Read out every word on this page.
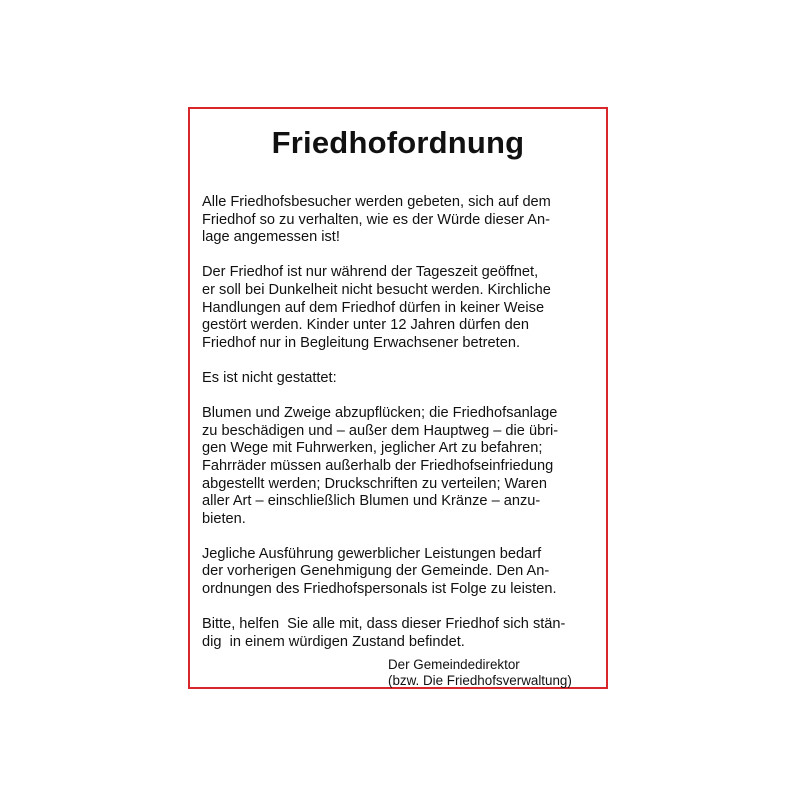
Friedhofordnung
Alle Friedhofsbesucher werden gebeten, sich auf dem
Friedhof so zu verhalten, wie es der Würde dieser An-
lage angemessen ist!
Der Friedhof ist nur während der Tageszeit geöffnet,
er soll bei Dunkelheit nicht besucht werden. Kirchliche
Handlungen auf dem Friedhof dürfen in keiner Weise
gestört werden. Kinder unter 12 Jahren dürfen den
Friedhof nur in Begleitung Erwachsener betreten.
Es ist nicht gestattet:
Blumen und Zweige abzupflücken; die Friedhofsanlage
zu beschädigen und – außer dem Hauptweg – die übri-
gen Wege mit Fuhrwerken, jeglicher Art zu befahren;
Fahrräder müssen außerhalb der Friedhofseinfriedung
abgestellt werden; Druckschriften zu verteilen; Waren
aller Art – einschließlich Blumen und Kränze – anzu-
bieten.
Jegliche Ausführung gewerblicher Leistungen bedarf
der vorherigen Genehmigung der Gemeinde. Den An-
ordnungen des Friedhofspersonals ist Folge zu leisten.
Bitte, helfen  Sie alle mit, dass dieser Friedhof sich stän-
dig  in einem würdigen Zustand befindet.
Der Gemeindedirektor
(bzw. Die Friedhofsverwaltung)
